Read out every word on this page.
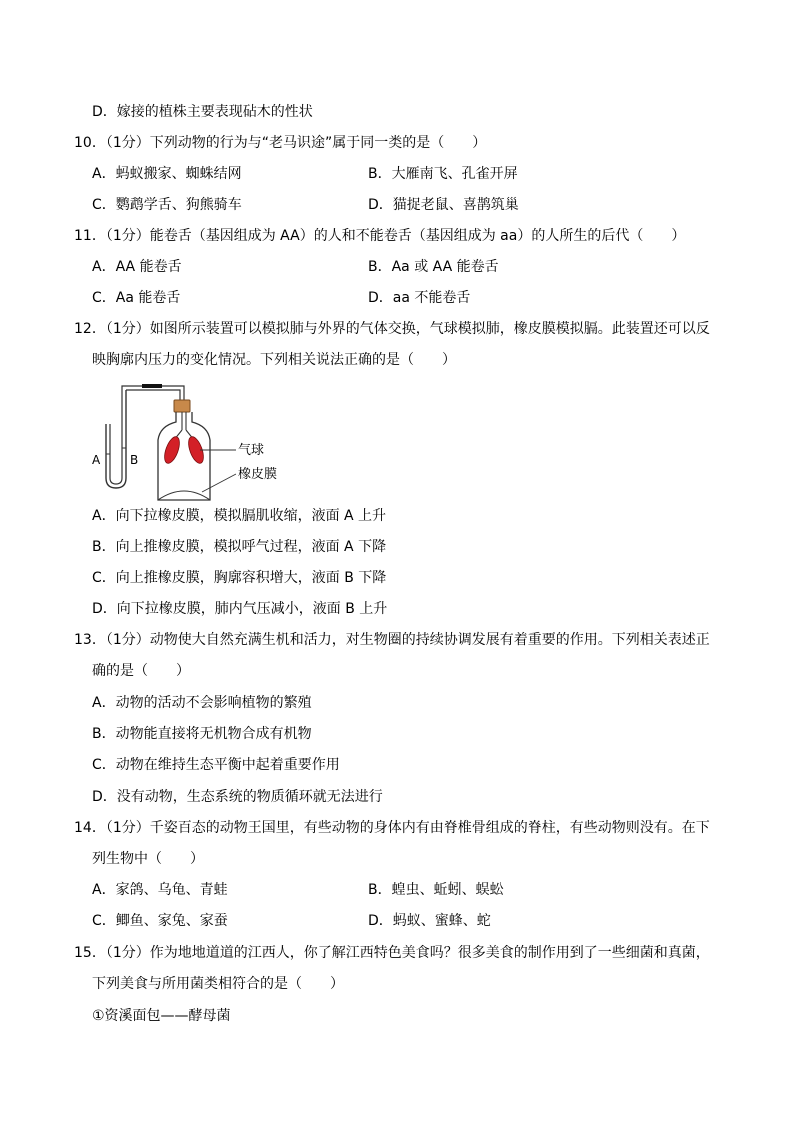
D．嫁接的植株主要表现砧木的性状
10．（1分）下列动物的行为与“老马识途”属于同一类的是（　　）
A．蚂蚁搬家、蜘蛛结网	B．大雁南飞、孔雀开屏
C．鹦鹉学舌、狗熊骑车	D．猫捉老鼠、喜鹊筑巢
11．（1分）能卷舌（基因组成为 AA）的人和不能卷舌（基因组成为 aa）的人所生的后代（　　）
A．AA 能卷舌	B．Aa 或 AA 能卷舌
C．Aa 能卷舌	D．aa 不能卷舌
12．（1分）如图所示装置可以模拟肺与外界的气体交换，气球模拟肺，橡皮膜模拟膈。此装置还可以反
映胸廓内压力的变化情况。下列相关说法正确的是（　　）
A B
气球
橡皮膜
A．向下拉橡皮膜，模拟膈肌收缩，液面 A 上升
B．向上推橡皮膜，模拟呼气过程，液面 A 下降
C．向上推橡皮膜，胸廓容积增大，液面 B 下降
D．向下拉橡皮膜，肺内气压减小，液面 B 上升
13．（1分）动物使大自然充满生机和活力，对生物圈的持续协调发展有着重要的作用。下列相关表述正
确的是（　　）
A．动物的活动不会影响植物的繁殖
B．动物能直接将无机物合成有机物
C．动物在维持生态平衡中起着重要作用
D．没有动物，生态系统的物质循环就无法进行
14．（1分）千姿百态的动物王国里，有些动物的身体内有由脊椎骨组成的脊柱，有些动物则没有。在下
列生物中（　　）
A．家鸽、乌龟、青蛙	B．蝗虫、蚯蚓、蜈蚣
C．鲫鱼、家兔、家蚕	D．蚂蚁、蜜蜂、蛇
15．（1分）作为地地道道的江西人，你了解江西特色美食吗？很多美食的制作用到了一些细菌和真菌，
下列美食与所用菌类相符合的是（　　）
①资溪面包——酵母菌
